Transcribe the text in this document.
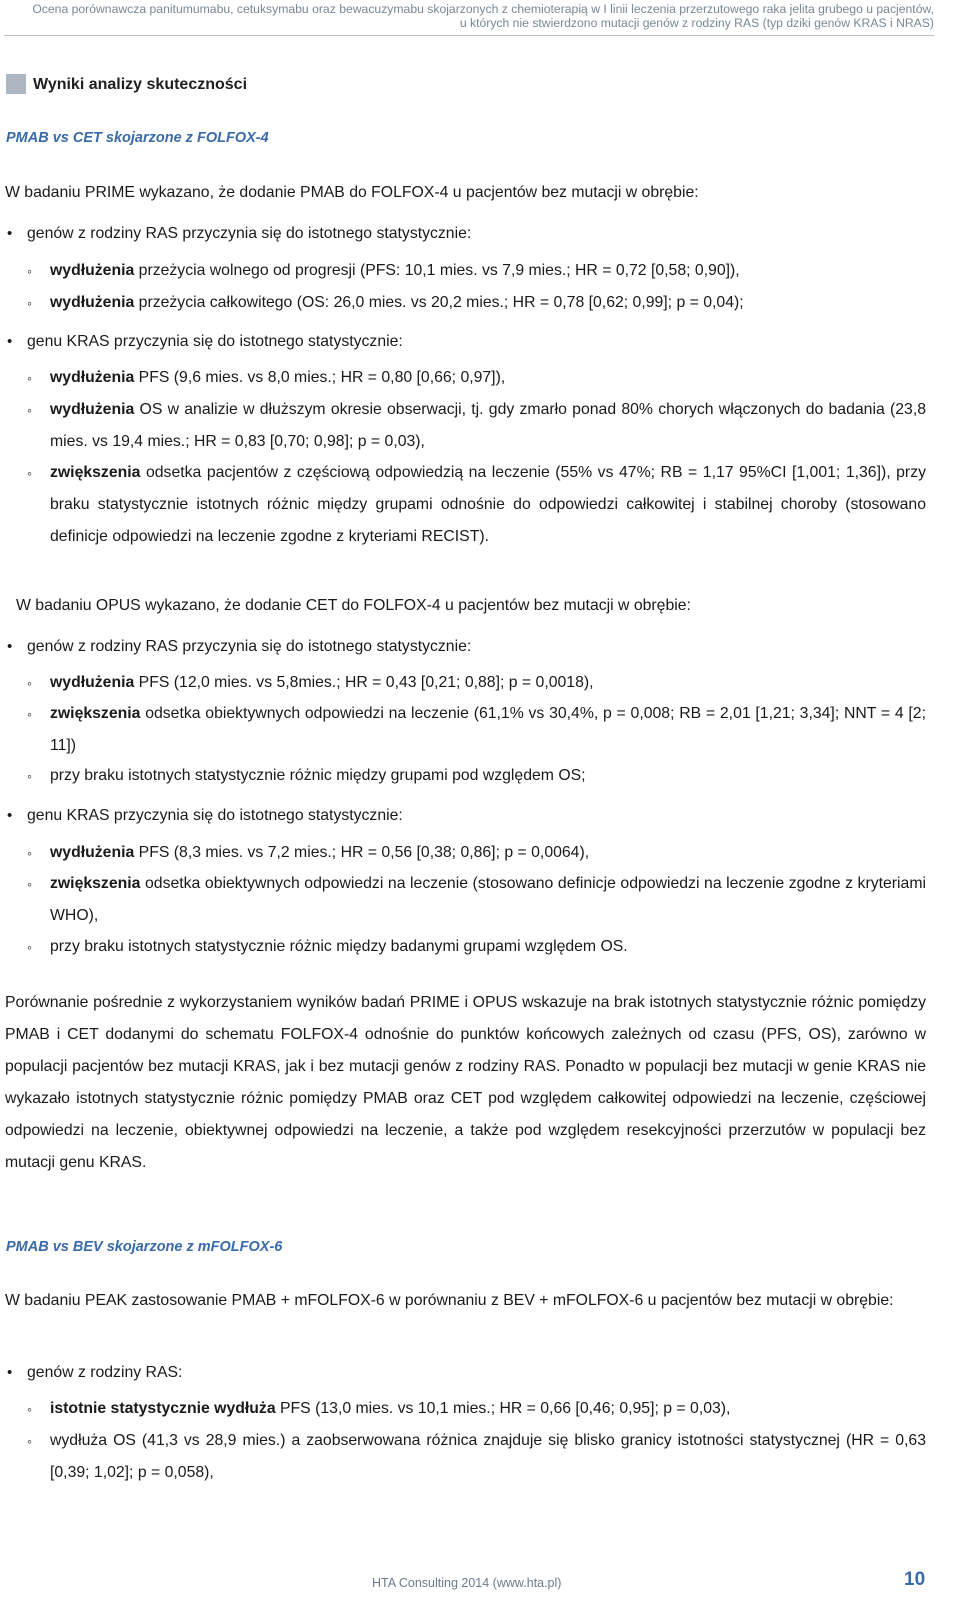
Ocena porównawcza panitumumabu, cetuksymabu oraz bewacuzymabu skojarzonych z chemioterapią w I linii leczenia przerzutowego raka jelita grubego u pacjentów,
u których nie stwierdzono mutacji genów z rodziny RAS (typ dziki genów KRAS i NRAS)
Wyniki analizy skuteczności
PMAB vs CET skojarzone z FOLFOX-4
W badaniu PRIME wykazano, że dodanie PMAB do FOLFOX-4 u pacjentów bez mutacji w obrębie:
• genów z rodziny RAS przyczynia się do istotnego statystycznie:
◦ wydłużenia przeżycia wolnego od progresji (PFS: 10,1 mies. vs 7,9 mies.; HR = 0,72 [0,58; 0,90]),
◦ wydłużenia przeżycia całkowitego (OS: 26,0 mies. vs 20,2 mies.; HR = 0,78 [0,62; 0,99]; p = 0,04);
• genu KRAS przyczynia się do istotnego statystycznie:
◦ wydłużenia PFS (9,6 mies. vs 8,0 mies.; HR = 0,80 [0,66; 0,97]),
◦ wydłużenia OS w analizie w dłuższym okresie obserwacji, tj. gdy zmarło ponad 80% chorych włączonych do badania (23,8 mies. vs 19,4 mies.; HR = 0,83 [0,70; 0,98]; p = 0,03),
◦ zwiększenia odsetka pacjentów z częściową odpowiedzią na leczenie (55% vs 47%; RB = 1,17 95%CI [1,001; 1,36]), przy braku statystycznie istotnych różnic między grupami odnośnie do odpowiedzi całkowitej i stabilnej choroby (stosowano definicje odpowiedzi na leczenie zgodne z kryteriami RECIST).
W badaniu OPUS wykazano, że dodanie CET do FOLFOX-4 u pacjentów bez mutacji w obrębie:
• genów z rodziny RAS przyczynia się do istotnego statystycznie:
◦ wydłużenia PFS (12,0 mies. vs 5,8mies.; HR = 0,43 [0,21; 0,88]; p = 0,0018),
◦ zwiększenia odsetka obiektywnych odpowiedzi na leczenie (61,1% vs 30,4%, p = 0,008; RB = 2,01 [1,21; 3,34]; NNT = 4 [2; 11])
◦ przy braku istotnych statystycznie różnic między grupami pod względem OS;
• genu KRAS przyczynia się do istotnego statystycznie:
◦ wydłużenia PFS (8,3 mies. vs 7,2 mies.; HR = 0,56 [0,38; 0,86]; p = 0,0064),
◦ zwiększenia odsetka obiektywnych odpowiedzi na leczenie (stosowano definicje odpowiedzi na leczenie zgodne z kryteriami WHO),
◦ przy braku istotnych statystycznie różnic między badanymi grupami względem OS.
Porównanie pośrednie z wykorzystaniem wyników badań PRIME i OPUS wskazuje na brak istotnych statystycznie różnic pomiędzy PMAB i CET dodanymi do schematu FOLFOX-4 odnośnie do punktów końcowych zależnych od czasu (PFS, OS), zarówno w populacji pacjentów bez mutacji KRAS, jak i bez mutacji genów z rodziny RAS. Ponadto w populacji bez mutacji w genie KRAS nie wykazało istotnych statystycznie różnic pomiędzy PMAB oraz CET pod względem całkowitej odpowiedzi na leczenie, częściowej odpowiedzi na leczenie, obiektywnej odpowiedzi na leczenie, a także pod względem resekcyjności przerzutów w populacji bez mutacji genu KRAS.
PMAB vs BEV skojarzone z mFOLFOX-6
W badaniu PEAK zastosowanie PMAB + mFOLFOX-6 w porównaniu z BEV + mFOLFOX-6 u pacjentów bez mutacji w obrębie:
• genów z rodziny RAS:
◦ istotnie statystycznie wydłuża PFS (13,0 mies. vs 10,1 mies.; HR = 0,66 [0,46; 0,95]; p = 0,03),
◦ wydłuża OS (41,3 vs 28,9 mies.) a zaobserwowana różnica znajduje się blisko granicy istotności statystycznej (HR = 0,63 [0,39; 1,02]; p = 0,058),
HTA Consulting 2014 (www.hta.pl)	10
